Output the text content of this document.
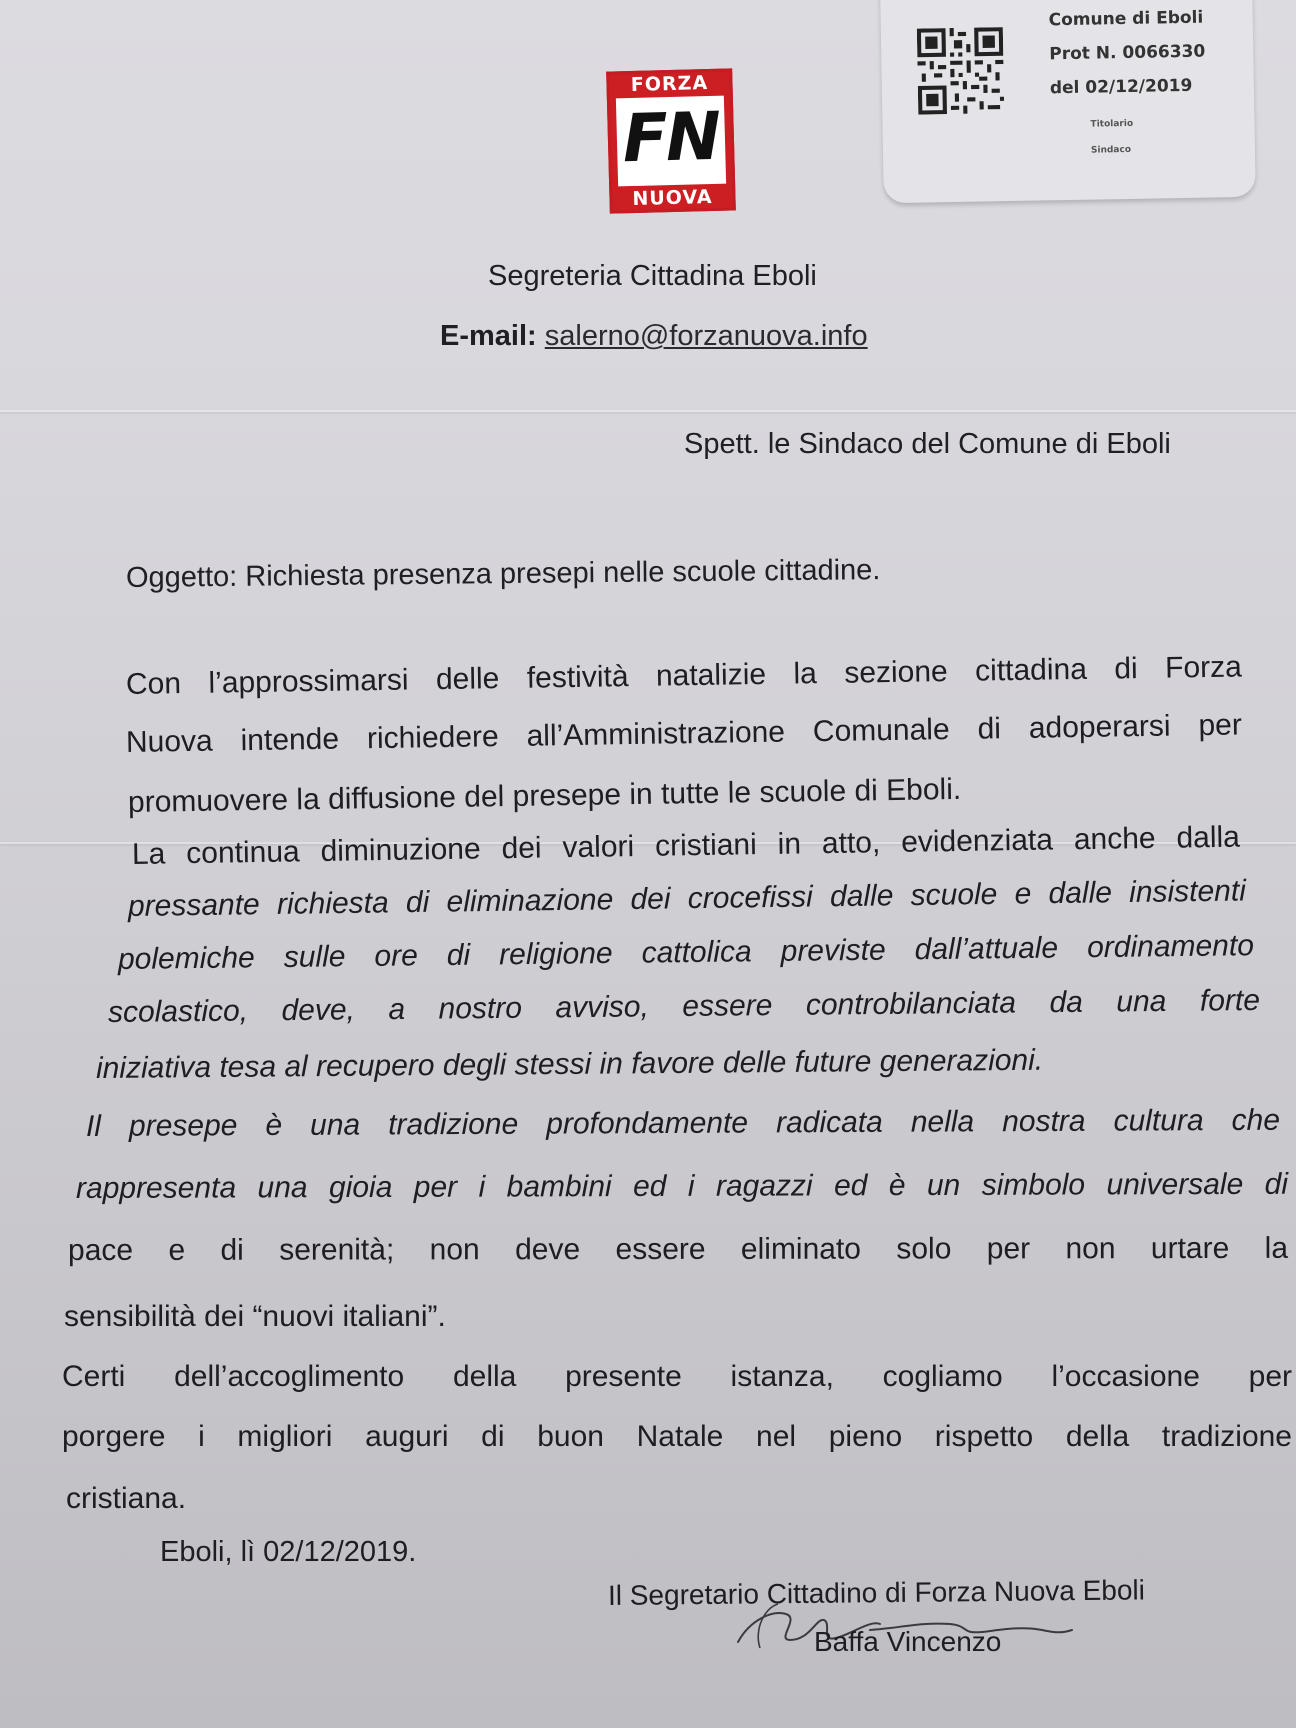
FORZA
FN
NUOVA
Comune di Eboli
Prot N. 0066330
del 02/12/2019
Titolario
Sindaco
Segreteria Cittadina Eboli
E-mail: salerno@forzanuova.info
Spett. le Sindaco del Comune di Eboli
Oggetto: Richiesta presenza presepi nelle scuole cittadine.
Con l’approssimarsi delle festività natalizie la sezione cittadina di Forza
Nuova intende richiedere all’Amministrazione Comunale di adoperarsi per
promuovere la diffusione del presepe in tutte le scuole di Eboli.
La continua diminuzione dei valori cristiani in atto, evidenziata anche dalla
pressante richiesta di eliminazione dei crocefissi dalle scuole e dalle insistenti
polemiche sulle ore di religione cattolica previste dall’attuale ordinamento
scolastico, deve, a nostro avviso, essere controbilanciata da una forte
iniziativa tesa al recupero degli stessi in favore delle future generazioni.
Il presepe è una tradizione profondamente radicata nella nostra cultura che
rappresenta una gioia per i bambini ed i ragazzi ed è un simbolo universale di
pace e di serenità; non deve essere eliminato solo per non urtare la
sensibilità dei “nuovi italiani”.
Certi dell’accoglimento della presente istanza, cogliamo l’occasione per
porgere i migliori auguri di buon Natale nel pieno rispetto della tradizione
cristiana.
Eboli, lì 02/12/2019.
Il Segretario Cittadino di Forza Nuova Eboli
Baffa Vincenzo
